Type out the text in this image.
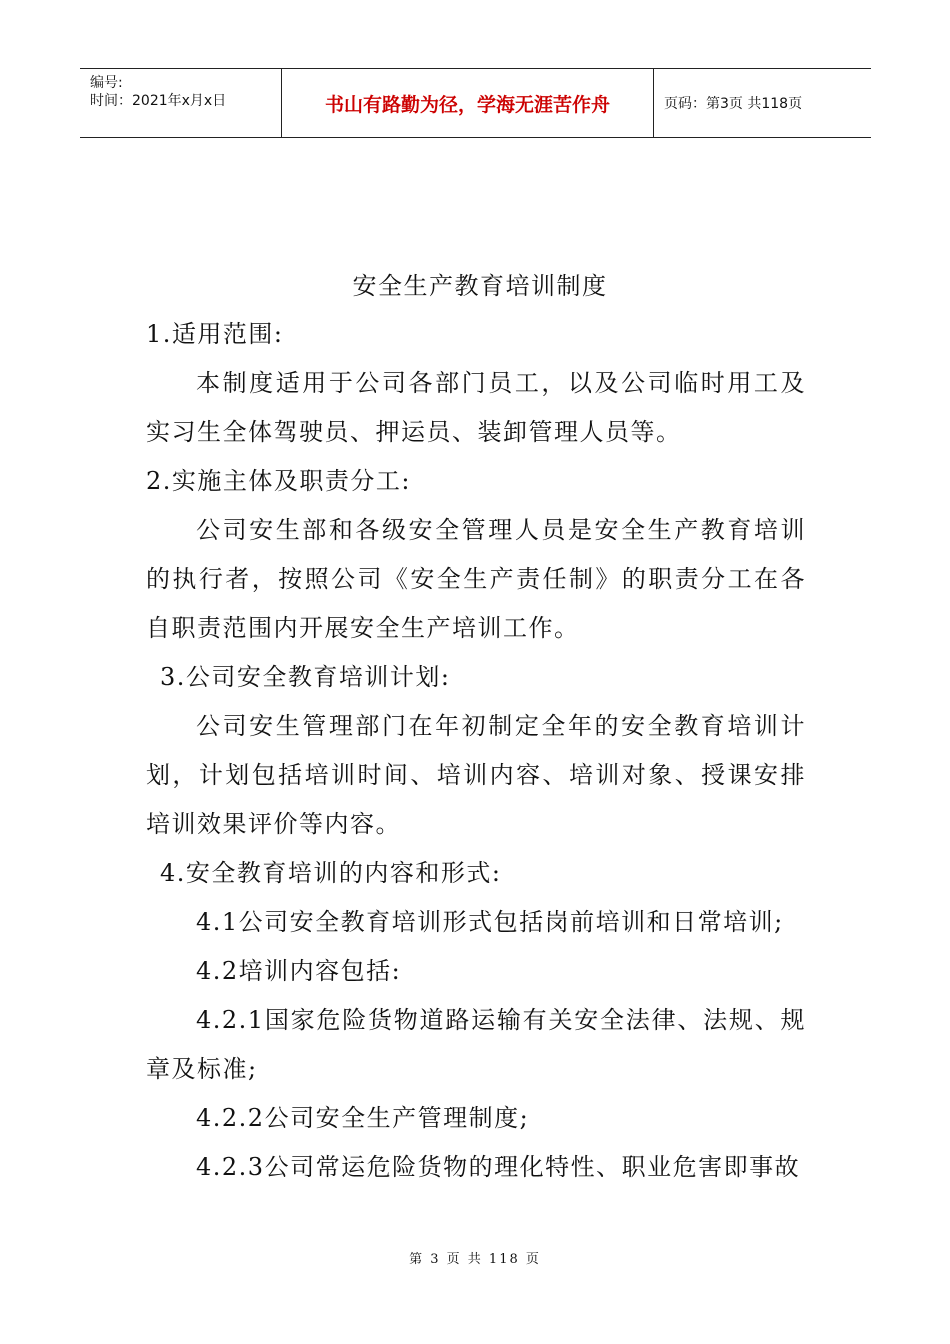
编号:
时间：2021年x月x日	书山有路勤为径，学海无涯苦作舟	页码：第3页 共118页

安全生产教育培训制度

1.适用范围:

本制度适用于公司各部门员工，以及公司临时用工及实习生全体驾驶员、押运员、装卸管理人员等。

2.实施主体及职责分工:

公司安生部和各级安全管理人员是安全生产教育培训的执行者，按照公司《安全生产责任制》的职责分工在各自职责范围内开展安全生产培训工作。

3.公司安全教育培训计划:

公司安生管理部门在年初制定全年的安全教育培训计划，计划包括培训时间、培训内容、培训对象、授课安排培训效果评价等内容。

4.安全教育培训的内容和形式:

4.1公司安全教育培训形式包括岗前培训和日常培训;

4.2培训内容包括:

4.2.1国家危险货物道路运输有关安全法律、法规、规章及标准;

4.2.2公司安全生产管理制度;

4.2.3公司常运危险货物的理化特性、职业危害即事故

第 3 页 共 118 页
